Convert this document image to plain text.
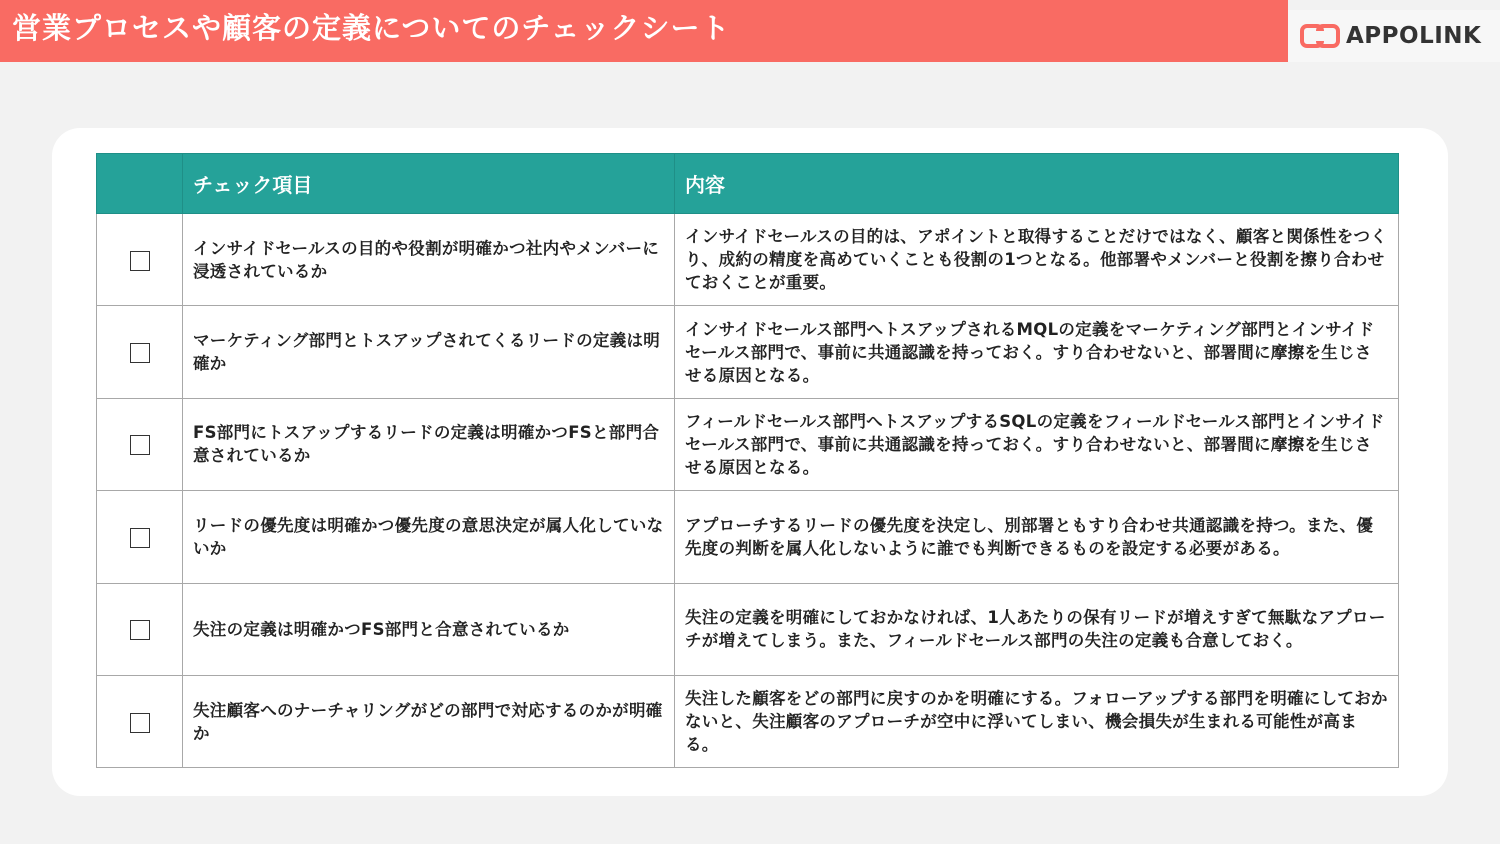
営業プロセスや顧客の定義についてのチェックシート	APPOLINK
	チェック項目	内容
	インサイドセールスの目的や役割が明確かつ社内やメンバーに浸透されているか	インサイドセールスの目的は、アポイントと取得することだけではなく、顧客と関係性をつくり、成約の精度を高めていくことも役割の1つとなる。他部署やメンバーと役割を擦り合わせておくことが重要。
	マーケティング部門とトスアップされてくるリードの定義は明確か	インサイドセールス部門へトスアップされるMQLの定義をマーケティング部門とインサイドセールス部門で、事前に共通認識を持っておく。すり合わせないと、部署間に摩擦を生じさせる原因となる。
	FS部門にトスアップするリードの定義は明確かつFSと部門合意されているか	フィールドセールス部門へトスアップするSQLの定義をフィールドセールス部門とインサイドセールス部門で、事前に共通認識を持っておく。すり合わせないと、部署間に摩擦を生じさせる原因となる。
	リードの優先度は明確かつ優先度の意思決定が属人化していないか	アプローチするリードの優先度を決定し、別部署ともすり合わせ共通認識を持つ。また、優先度の判断を属人化しないように誰でも判断できるものを設定する必要がある。
	失注の定義は明確かつFS部門と合意されているか	失注の定義を明確にしておかなければ、1人あたりの保有リードが増えすぎて無駄なアプローチが増えてしまう。また、フィールドセールス部門の失注の定義も合意しておく。
	失注顧客へのナーチャリングがどの部門で対応するのかが明確か	失注した顧客をどの部門に戻すのかを明確にする。フォローアップする部門を明確にしておかないと、失注顧客のアプローチが空中に浮いてしまい、機会損失が生まれる可能性が高まる。
